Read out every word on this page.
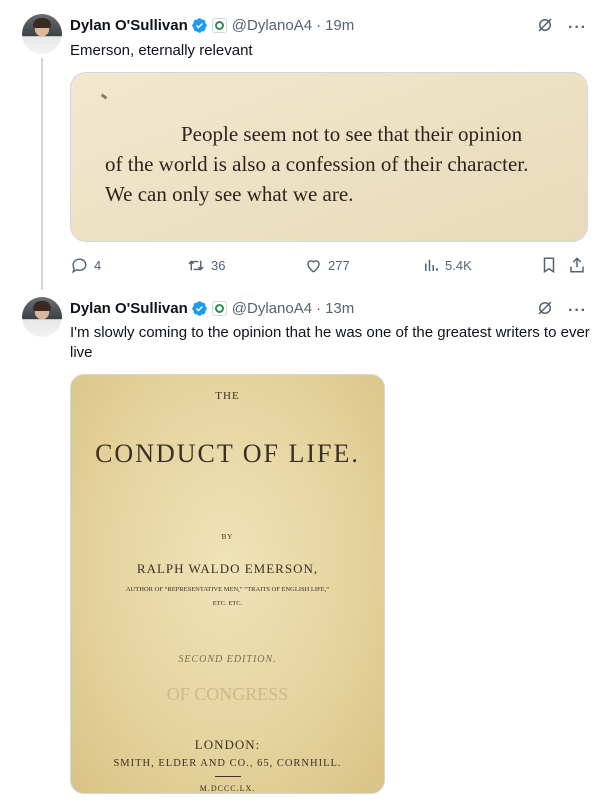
Dylan O'Sullivan	@DylanoA4 · 19m	···
Emerson, eternally relevant
People seem not to see that their opinion
of the world is also a confession of their character.
We can only see what we are.
4	36	277	5.4K
Dylan O'Sullivan	@DylanoA4 · 13m	···
I'm slowly coming to the opinion that he was one of the greatest writers to ever live
THE
CONDUCT OF LIFE.
BY
RALPH WALDO EMERSON,
AUTHOR OF “REPRESENTATIVE MEN,” “TRAITS OF ENGLISH LIFE,”
ETC. ETC.
SECOND EDITION.
OF CONGRESS
LONDON:
SMITH, ELDER AND CO., 65, CORNHILL.
M.DCCC.LX.
